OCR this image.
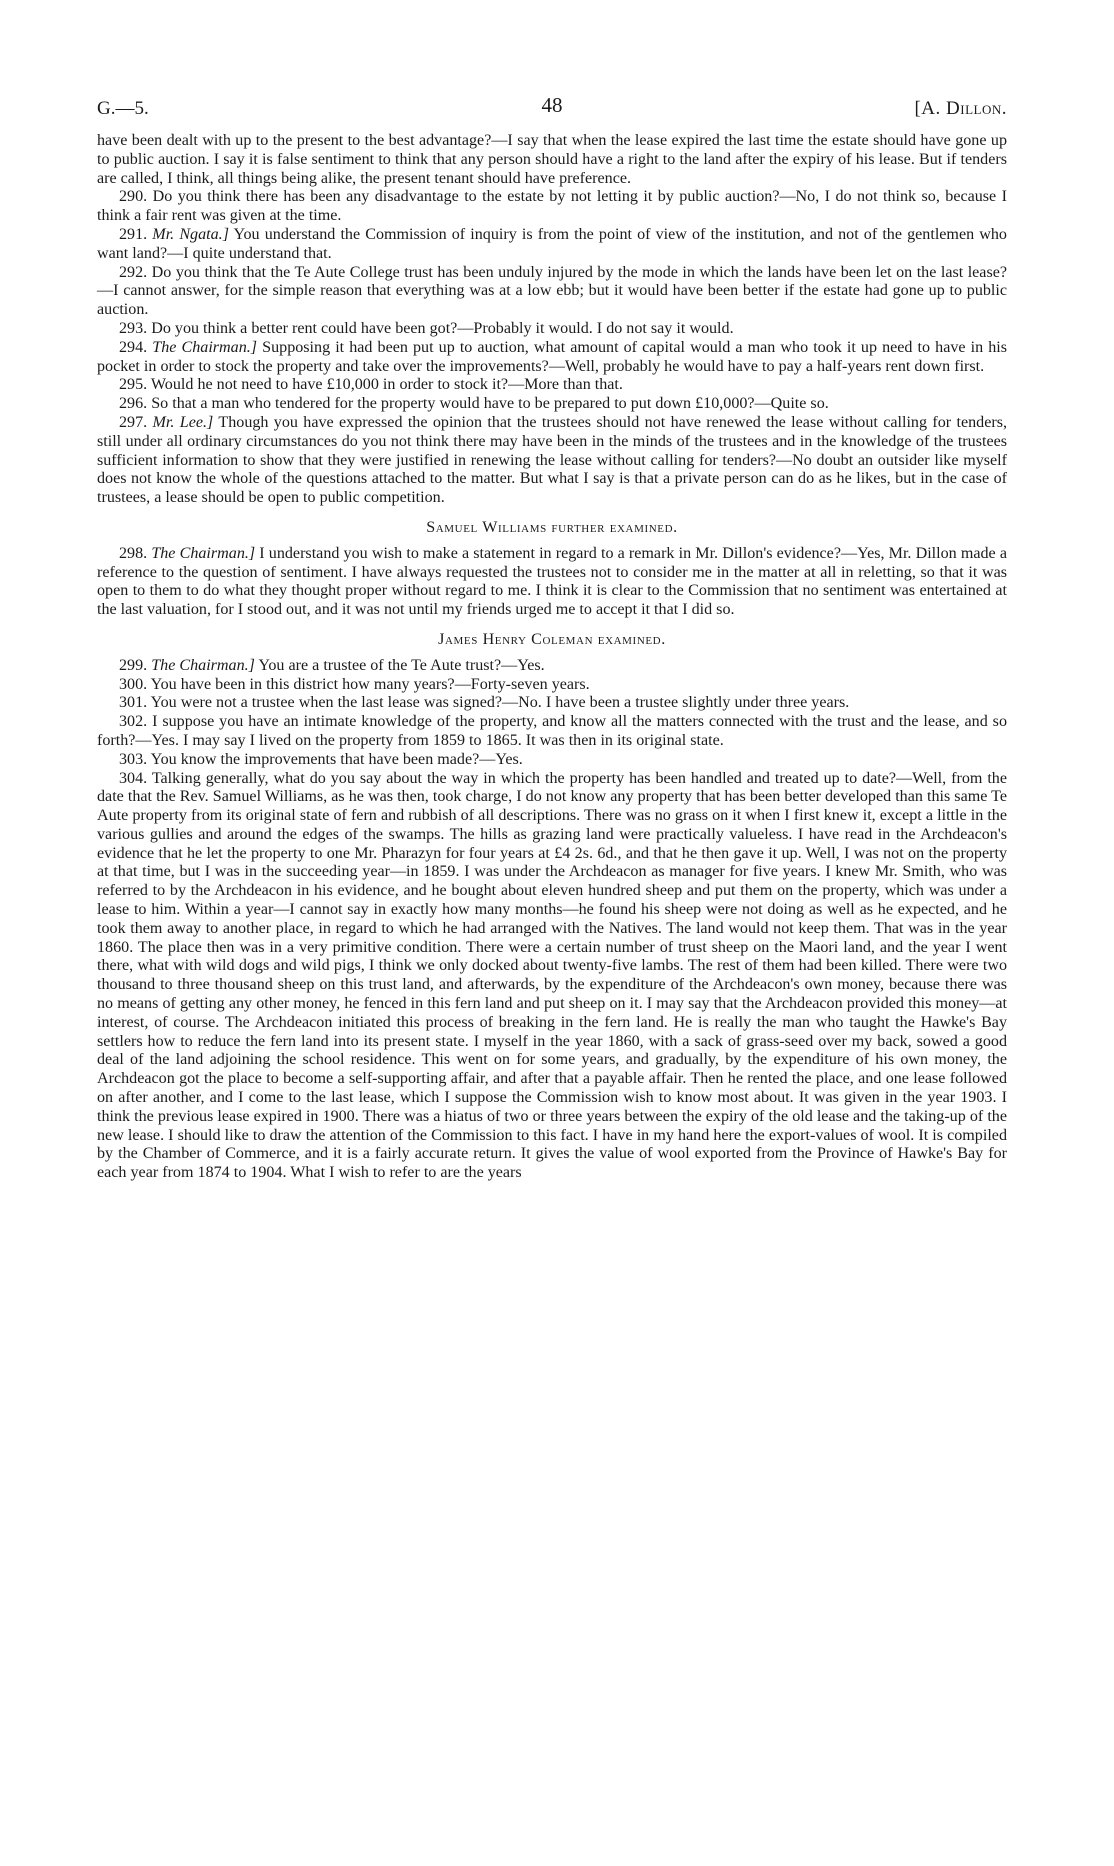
G.—5.	48	[A. Dillon.

have been dealt with up to the present to the best advantage?—I say that when the lease expired the last time the estate should have gone up to public auction. I say it is false sentiment to think that any person should have a right to the land after the expiry of his lease. But if tenders are called, I think, all things being alike, the present tenant should have preference.

290. Do you think there has been any disadvantage to the estate by not letting it by public auction?—No, I do not think so, because I think a fair rent was given at the time.

291. Mr. Ngata.] You understand the Commission of inquiry is from the point of view of the institution, and not of the gentlemen who want land?—I quite understand that.

292. Do you think that the Te Aute College trust has been unduly injured by the mode in which the lands have been let on the last lease?—I cannot answer, for the simple reason that everything was at a low ebb; but it would have been better if the estate had gone up to public auction.

293. Do you think a better rent could have been got?—Probably it would. I do not say it would.

294. The Chairman.] Supposing it had been put up to auction, what amount of capital would a man who took it up need to have in his pocket in order to stock the property and take over the improvements?—Well, probably he would have to pay a half-years rent down first.

295. Would he not need to have £10,000 in order to stock it?—More than that.

296. So that a man who tendered for the property would have to be prepared to put down £10,000?—Quite so.

297. Mr. Lee.] Though you have expressed the opinion that the trustees should not have renewed the lease without calling for tenders, still under all ordinary circumstances do you not think there may have been in the minds of the trustees and in the knowledge of the trustees sufficient information to show that they were justified in renewing the lease without calling for tenders?—No doubt an outsider like myself does not know the whole of the questions attached to the matter. But what I say is that a private person can do as he likes, but in the case of trustees, a lease should be open to public competition.

Samuel Williams further examined.

298. The Chairman.] I understand you wish to make a statement in regard to a remark in Mr. Dillon's evidence?—Yes, Mr. Dillon made a reference to the question of sentiment. I have always requested the trustees not to consider me in the matter at all in reletting, so that it was open to them to do what they thought proper without regard to me. I think it is clear to the Commission that no sentiment was entertained at the last valuation, for I stood out, and it was not until my friends urged me to accept it that I did so.

James Henry Coleman examined.

299. The Chairman.] You are a trustee of the Te Aute trust?—Yes.

300. You have been in this district how many years?—Forty-seven years.

301. You were not a trustee when the last lease was signed?—No. I have been a trustee slightly under three years.

302. I suppose you have an intimate knowledge of the property, and know all the matters connected with the trust and the lease, and so forth?—Yes. I may say I lived on the property from 1859 to 1865. It was then in its original state.

303. You know the improvements that have been made?—Yes.

304. Talking generally, what do you say about the way in which the property has been handled and treated up to date?—Well, from the date that the Rev. Samuel Williams, as he was then, took charge, I do not know any property that has been better developed than this same Te Aute property from its original state of fern and rubbish of all descriptions. There was no grass on it when I first knew it, except a little in the various gullies and around the edges of the swamps. The hills as grazing land were practically valueless. I have read in the Archdeacon's evidence that he let the property to one Mr. Pharazyn for four years at £4 2s. 6d., and that he then gave it up. Well, I was not on the property at that time, but I was in the succeeding year—in 1859. I was under the Archdeacon as manager for five years. I knew Mr. Smith, who was referred to by the Archdeacon in his evidence, and he bought about eleven hundred sheep and put them on the property, which was under a lease to him. Within a year—I cannot say in exactly how many months—he found his sheep were not doing as well as he expected, and he took them away to another place, in regard to which he had arranged with the Natives. The land would not keep them. That was in the year 1860. The place then was in a very primitive condition. There were a certain number of trust sheep on the Maori land, and the year I went there, what with wild dogs and wild pigs, I think we only docked about twenty-five lambs. The rest of them had been killed. There were two thousand to three thousand sheep on this trust land, and afterwards, by the expenditure of the Archdeacon's own money, because there was no means of getting any other money, he fenced in this fern land and put sheep on it. I may say that the Archdeacon provided this money—at interest, of course. The Archdeacon initiated this process of breaking in the fern land. He is really the man who taught the Hawke's Bay settlers how to reduce the fern land into its present state. I myself in the year 1860, with a sack of grass-seed over my back, sowed a good deal of the land adjoining the school residence. This went on for some years, and gradually, by the expenditure of his own money, the Archdeacon got the place to become a self-supporting affair, and after that a payable affair. Then he rented the place, and one lease followed on after another, and I come to the last lease, which I suppose the Commission wish to know most about. It was given in the year 1903. I think the previous lease expired in 1900. There was a hiatus of two or three years between the expiry of the old lease and the taking-up of the new lease. I should like to draw the attention of the Commission to this fact. I have in my hand here the export-values of wool. It is compiled by the Chamber of Commerce, and it is a fairly accurate return. It gives the value of wool exported from the Province of Hawke's Bay for each year from 1874 to 1904. What I wish to refer to are the years
